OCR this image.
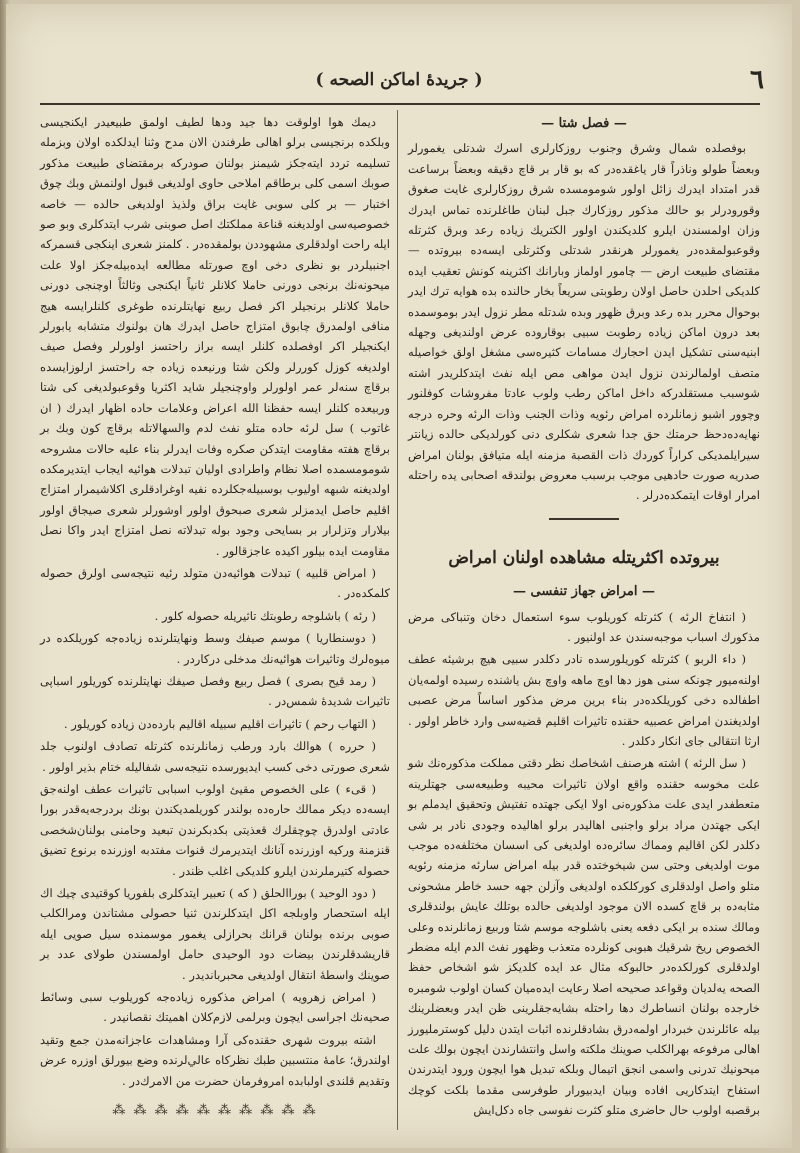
( جريدهٔ اماكن الصحه )	٦
— فصل شتا —

بوفصلده شمال وشرق وجنوب روزكارلرى اسرك شدتلى يغمورلر وبعضاً طولو وناذراً قار ياغقده‌در كه بو قار بر قاچ دقيقه وبعضاً برساعت قدر امتداد ايدرك زائل اولور شومومسده شرق روزكارلرى غايت صغوق وقورودرلر بو حالك مذكور روزكارك جبل لبنان طاغلرنده تماس ايدرك وزان اولمسندن ايلرو كلديكندن اولور الكتريك زياده رعد وبرق كثرتله وقوعبولمقده‌در يغمورلر هرنقدر شدتلى وكثرتلى ايسه‌ده بيروتده — مقتضاى طبيعت ارض — چامور اولماز وبارانك اكثرينه كونش تعقيب ايده كلديكى احلدن حاصل اولان رطوبتى سريعاً بخار حالنده بده هوايه ترك ايدر بوحوال محرر بده رعد وبرق ظهور وبده شدتله مطر نزول ايدر بوموسمده بعد درون اماكن زياده رطوبت سبيى بوقاروده عرض اولنديغى وجهله ابنيه‌سنى تشكيل ايدن احجارك مسامات كثيره‌سى مشغل اولق خواصيله متصف اولمالرندن نزول ايدن مواهى مص ايله نفث ايتدكلريدر اشته شوسبب مستقلدركه داخل اماكن رطب ولوب عادتا مفروشات كوفلنور وچوور اشبو زمانلرده امراض رئويه وذات الجنب وذات الرئه وحره درجه نهايه‌ده‌دحظ حرمتك حق جدا شعرى شكلرى دنى كورلديكى حالده زيانتر سيرايلمديكى كراراً كوردك ذات القصبة مزمنه ايله متيافق بولنان امراض صدريه صورت حادهيى موجب برسبب معروض بولندقه اصحابى يده راحتله امرار اوقات ايتمكده‌درلر .

بيروتده اكثريتله مشاهده اولنان امراض
— امراض جهاز تنفسى —

( انتفاخ الرئه ) كثرتله كوريلوب سوء استعمال دخان وتنباكى مرض مذكورك اسباب موجبه‌سندن عد اولنيور .

( داء الربو ) كثرتله كوريلورسده نادر دكلدر سبيى هيچ برشيئه عطف اولنه‌ميور چونكه سنى هوز دها اوچ ماهه واوچ بش ياشنده رسيده اولمه‌يان اطفالده دخى كوريلكده‌در بناء برين مرض مذكور اساساً مرض عصبى اولديغندن امراض عصبيه حقنده تاثيرات اقليم قضيه‌سى وارد خاطر اولور . ارثا انتقالى جاى انكار دكلدر .

( سل الرئه ) اشته هرصنف اشخاصك نظر دقتى مملكت مذكوره‌نك شو علت مخوسه حقنده واقع اولان تاثيرات محيبه وطبيعه‌سى جهتلرينه متعطفدر ايدى علت مذكوره‌نى اولا ايكى جهتده تفتيش وتحقيق ايدملم بو ايكى جهتدن مراد برلو واجنبى اهاليدر برلو اهاليده وجودى نادر بر شى دكلدر لكن اقاليم ومماك سائره‌ده اولديغى كى اسسان مختلفه‌ده موجب موت اولديغى وحتى سن شيخوختده قدر بيله امراض سارئه مزمنه رئويه متلو واصل اولدقلرى كوركلكده اولديغى وآزلن جهه حسد خاطر مشحونى مثابه‌ده بر قاچ كسده الان موجود اولديغى حالده بوتلك عايش بولندقلرى ومالك سنده بر ايكى دفعه يعنى باشلوجه موسم شتا وربيع زمانلرنده وعلى الخصوص ريخ شرقيك هبوبى كونلرده متعذب وظهور نفث الدم ايله مضطر اولدقلرى كورلكده‌در حالبوكه مثال عد ايده كلديكز شو اشخاص حفظ الصحه يه‌لديان وقواعد صحيحه اصلا رعايت ايده‌ميان كسان اولوب شومبره خارجده بولنان انساطرك دها راحتله بشايه‌جقلرينى ظن ايدر وبعضلرينك بيله عائلرندن خبردار اولمه‌درق بشادقلرنده اثبات ايتدن دليل كوسترمليورز اهالى مرفوعه بهرالكلب صوينك ملكته واسل وانتشارندن ايچون بولك علت ميحونيك تدرنى واسمى انجق اتيمال وبلكه تبديل هوا ايچون ورود ايتدرندن استفاح ايتدكاريى افاده وبيان ايدبيورار طوفرسى مقدما بلكت كوچك برقصبه اولوب حال حاضرى متلو كثرت نفوسى جاه دكل‌ايش

ديمك هوا اولوقت دها جيد ودها لطيف اولمق طبيعيدر ايكنجيسى وبلكده برنجيسى برلو اهالى طرفندن الان مدح وثنا ايدلكده اولان وبزمله تسليمه تردد ايته‌جكز شيمنز بولنان صودركه برمقتضاى طبيعت مذكور صوبك اسمى كلى برطاقم املاحى حاوى اولديغى قبول اولنمش وبك چوق اختبار — بر كلى سوبى غايت براق ولذيذ اولديغى حالده — خاصه خصوصيه‌سى اولديغنه قناعة مملكتك اصل صوبنى شرب ايتدكلرى وبو صو ايله راحت اولدقلرى مشهوددن بولمقده‌در . كلمنز شعرى اينكجى قسمركه اجنبيلردر بو نظرى دخى اوچ صورتله مطالعه ايده‌بيله‌جكز اولا علت ميحونه‌نك برنجى دورنى حاملا كلانلر ثانياً ايكنجى وثالثاً اوچنجى دورنى حاملا كلانلر برنجيلر اكر فصل ربيع نهايتلرنده طوغرى كلنلرايسه هيج منافى اولمدرق چابوق امتزاج حاصل ايدرك هان بولنوك متشابه يابورلر ايكنجيلر اكر اوفصلده كلنلر ايسه براز راحتسز اولورلر وفصل صيف اولديغه كوزل كوررلر ولكن شتا ورنيعده زياده جه راحتسز ارلوزايسده برقاچ سنه‌لر عمر اولورلر واوچنجيلر شايد اكثريا وقوعبولديغى كى شتا وربيعده كلنلر ايسه حفظنا الله اعراض وعلامات حاده اظهار ايدرك ( ان غاتوب ) سل لرئه حاده متلو نفث لدم والسهالاتله برقاچ كون وبك بر برقاچ هفته مقاومت ايتدكن صكره وفات ايدرلر بناء عليه حالات مشروحه شومومسمده اصلا نظام واطرادى اوليان تبدلات هوائيه ايجاب ايتديرمكده اولديغنه شبهه اوليوب بوسبيله‌جكلرده نفيه اوغرادقلرى اكلاشيمرار امتزاج اقليم حاصل ايدمزلر شعرى صبحوق اولور اوشورلر شعرى صيجاق اولور بيلارار وتزلرار بر بسايحى وجود بوله تبدلاته نصل امتزاج ايدر واكا نصل مقاومت ايده بيلور اكيده عاجزقالور .

( امراض قلبيه ) تبدلات هوائيه‌دن متولد رئيه نتيجه‌سى اولرق حصوله كلمكده‌در .

( رئه ) باشلوجه رطوبتك تاثيريله حصوله كلور .

( دوسنطاريا ) موسم صيفك وسط ونهايتلرنده زياده‌جه كوريلكده در ميوه‌لرك وتاثيرات هوائيه‌نك مدخلى دركاردر .

( رمد قيح بصرى ) فصل ربيع وفصل صيفك نهايتلرنده كوريلور اسباپى تاثيرات شديدهٔ شمس‌در .

( التهاب رحم ) تاثيرات اقليم سبيله اقاليم بارده‌دن زياده كوريلور .

( حرره ) هوالك بارد ورطب زمانلرنده كثرتله تصادف اولنوب جلد شعرى صورتى دخى كسب ايديورسده نتيجه‌سى شفاليله ختام بذير اولور .

( قىء ) على الخصوص مقيئ اولوب اسبابى تاثيرات عطف اولنه‌جق ايسه‌ده ديكر ممالك حاره‌ده بولندر كوريلمديكندن بونك بردرجه‌يه‌قدر بورا عادتى اولدرق چوچقلرك قعذيتى بكدبكرندن تبعيد وحامنى بولنان‌شخصى قنزمنة وركيه اوزرنده آنانك ايتديرمرك قنوات مفتدبه اوزرنده برنوع تضيق حصوله كتيرملرندن ايلرو كلديكى اغلب ظندر .

( دود الوحيد ) بوراالحلق ( كه ) تعبير ايتدكلرى بلفوريا كوقتيدى چيك اك ايله استحصار واوبلجه اكل ايتدكلرندن ثنيا حصولى مشتاندن ومرالكلب صوبى برنده بولنان قرانك بحرازلى يغمور موسمنده سيل صويى ايله قاريشدقلرندن بيضات دود الوحيدى حامل اولمسندن طولاى عدد بر صوينك واسطهٔ انتقال اولديغى محبربانديدر .

( امراض زهرويه ) امراض مذكوره زياده‌جه كوريلوب سبى وسائط صحيه‌نك اجراسى ايچون وبرلمى لازم‌كلان اهميتك نقصانيدر .

اشته بيروت شهرى حقنده‌كى آرا ومشاهدات عاجزانه‌مدن جمع وتقيد اولندرق؛ عامهٔ منتسبين طبك نظر‌كاه عالي‌لرنده وضع بيورلق اوزره عرض وتقديم قلندى اولبابده امروفرمان حضرت من الامرك‌در .

⁂ ⁂ ⁂ ⁂ ⁂ ⁂ ⁂ ⁂ ⁂ ⁂
